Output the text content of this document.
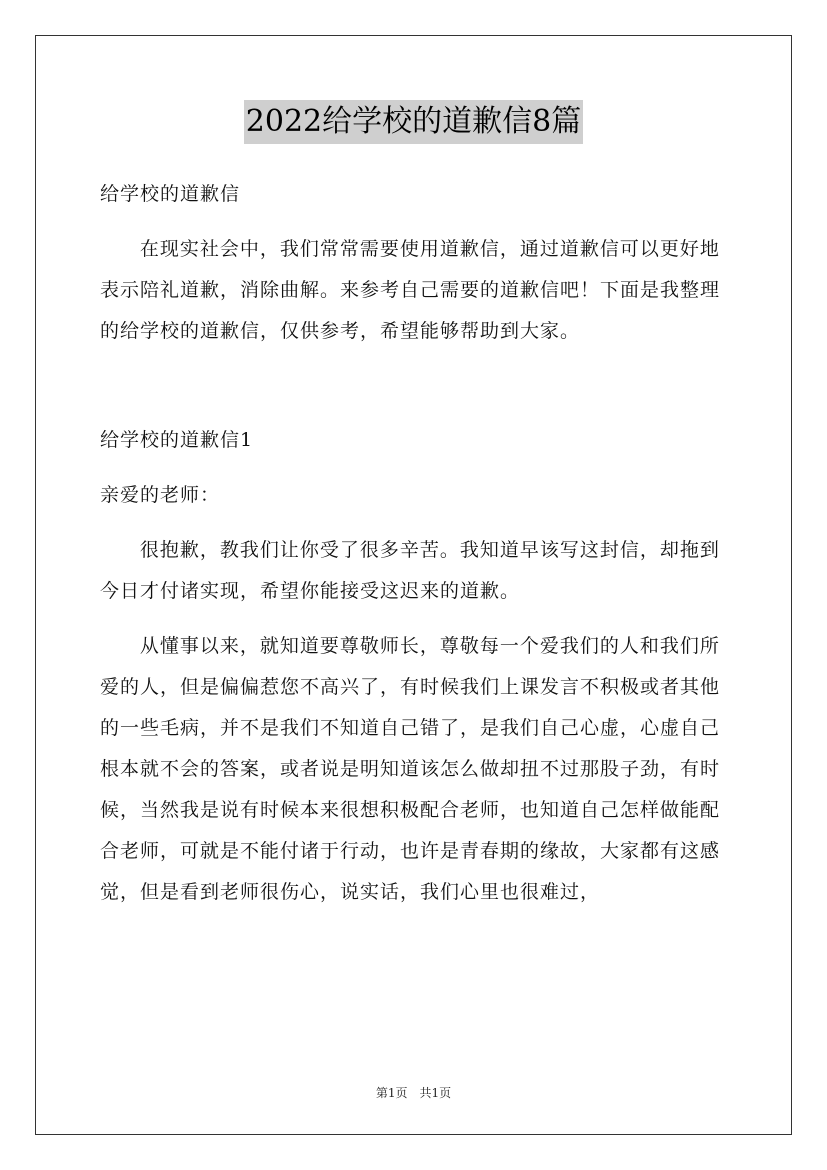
2022给学校的道歉信8篇

给学校的道歉信

在现实社会中，我们常常需要使用道歉信，通过道歉信可以更好地表示陪礼道歉，消除曲解。来参考自己需要的道歉信吧！下面是我整理的给学校的道歉信，仅供参考，希望能够帮助到大家。

给学校的道歉信1

亲爱的老师：

很抱歉，教我们让你受了很多辛苦。我知道早该写这封信，却拖到今日才付诸实现，希望你能接受这迟来的道歉。

从懂事以来，就知道要尊敬师长，尊敬每一个爱我们的人和我们所爱的人，但是偏偏惹您不高兴了，有时候我们上课发言不积极或者其他的一些毛病，并不是我们不知道自己错了，是我们自己心虚，心虚自己根本就不会的答案，或者说是明知道该怎么做却扭不过那股子劲，有时候，当然我是说有时候本来很想积极配合老师，也知道自己怎样做能配合老师，可就是不能付诸于行动，也许是青春期的缘故，大家都有这感觉，但是看到老师很伤心，说实话，我们心里也很难过，

第1页　共1页
